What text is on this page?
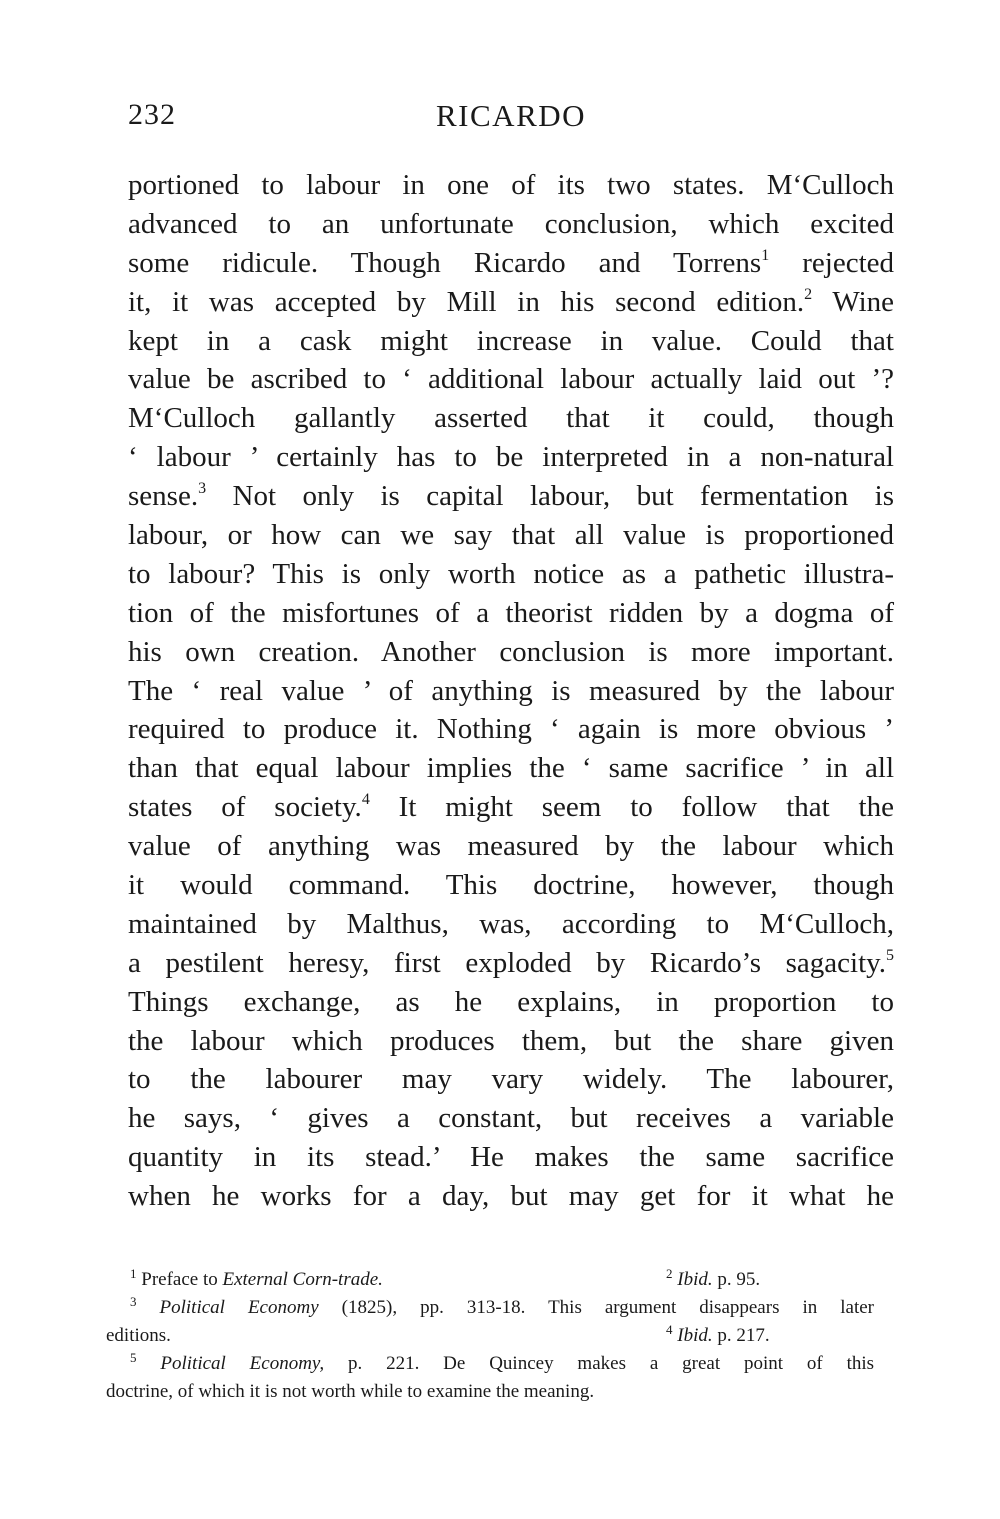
232	RICARDO
portioned to labour in one of its two states. M‘Culloch
advanced to an unfortunate conclusion, which excited
some ridicule. Though Ricardo and Torrens$^1$ rejected
it, it was accepted by Mill in his second edition.$^2$ Wine
kept in a cask might increase in value. Could that
value be ascribed to ‘ additional labour actually laid out ’?
M‘Culloch gallantly asserted that it could, though
‘ labour ’ certainly has to be interpreted in a non-natural
sense.$^3$ Not only is capital labour, but fermentation is
labour, or how can we say that all value is proportioned
to labour? This is only worth notice as a pathetic illustra-
tion of the misfortunes of a theorist ridden by a dogma of
his own creation. Another conclusion is more important.
The ‘ real value ’ of anything is measured by the labour
required to produce it. Nothing ‘ again is more obvious ’
than that equal labour implies the ‘ same sacrifice ’ in all
states of society.$^4$ It might seem to follow that the
value of anything was measured by the labour which
it would command. This doctrine, however, though
maintained by Malthus, was, according to M‘Culloch,
a pestilent heresy, first exploded by Ricardo’s sagacity.$^5$
Things exchange, as he explains, in proportion to
the labour which produces them, but the share given
to the labourer may vary widely. The labourer,
he says, ‘ gives a constant, but receives a variable
quantity in its stead.’ He makes the same sacrifice
when he works for a day, but may get for it what he
$^1$ Preface to External Corn-trade.	$^2$ Ibid. p. 95.
$^3$ Political Economy (1825), pp. 313-18. This argument disappears in later
editions.	$^4$ Ibid. p. 217.
$^5$ Political Economy, p. 221. De Quincey makes a great point of this
doctrine, of which it is not worth while to examine the meaning.
